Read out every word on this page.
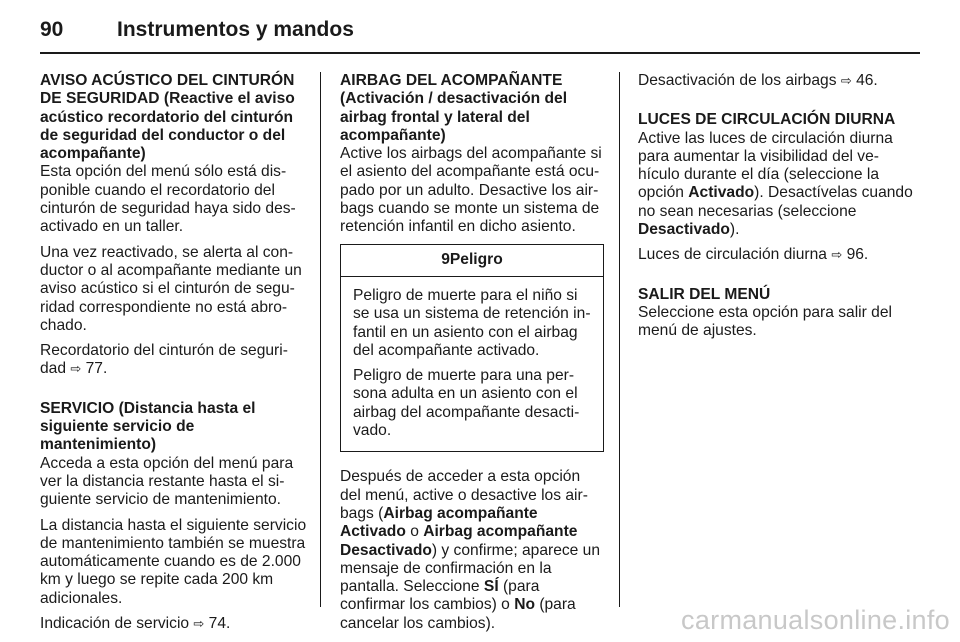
90	Instrumentos y mandos

AVISO ACÚSTICO DEL CINTURÓN DE SEGURIDAD (Reactive el aviso acústico recordatorio del cinturón de seguridad del conductor o del acompañante)

Esta opción del menú sólo está disponible cuando el recordatorio del cinturón de seguridad haya sido desactivado en un taller.

Una vez reactivado, se alerta al conductor o al acompañante mediante un aviso acústico si el cinturón de seguridad correspondiente no está abrochado.

Recordatorio del cinturón de seguridad ⇨ 77.

SERVICIO (Distancia hasta el siguiente servicio de mantenimiento)

Acceda a esta opción del menú para ver la distancia restante hasta el siguiente servicio de mantenimiento.

La distancia hasta el siguiente servicio de mantenimiento también se muestra automáticamente cuando es de 2.000 km y luego se repite cada 200 km adicionales.

Indicación de servicio ⇨ 74.

AIRBAG DEL ACOMPAÑANTE (Activación / desactivación del airbag frontal y lateral del acompañante)

Active los airbags del acompañante si el asiento del acompañante está ocupado por un adulto. Desactive los airbags cuando se monte un sistema de retención infantil en dicho asiento.

9Peligro

Peligro de muerte para el niño si se usa un sistema de retención infantil en un asiento con el airbag del acompañante activado.

Peligro de muerte para una persona adulta en un asiento con el airbag del acompañante desactivado.

Después de acceder a esta opción del menú, active o desactive los airbags (Airbag acompañante Activado o Airbag acompañante Desactivado) y confirme; aparece un mensaje de confirmación en la pantalla. Seleccione SÍ (para confirmar los cambios) o No (para cancelar los cambios).

Desactivación de los airbags ⇨ 46.

LUCES DE CIRCULACIÓN DIURNA

Active las luces de circulación diurna para aumentar la visibilidad del vehículo durante el día (seleccione la opción Activado). Desactívelas cuando no sean necesarias (seleccione Desactivado).

Luces de circulación diurna ⇨ 96.

SALIR DEL MENÚ

Seleccione esta opción para salir del menú de ajustes.

carmanualsonline.info
